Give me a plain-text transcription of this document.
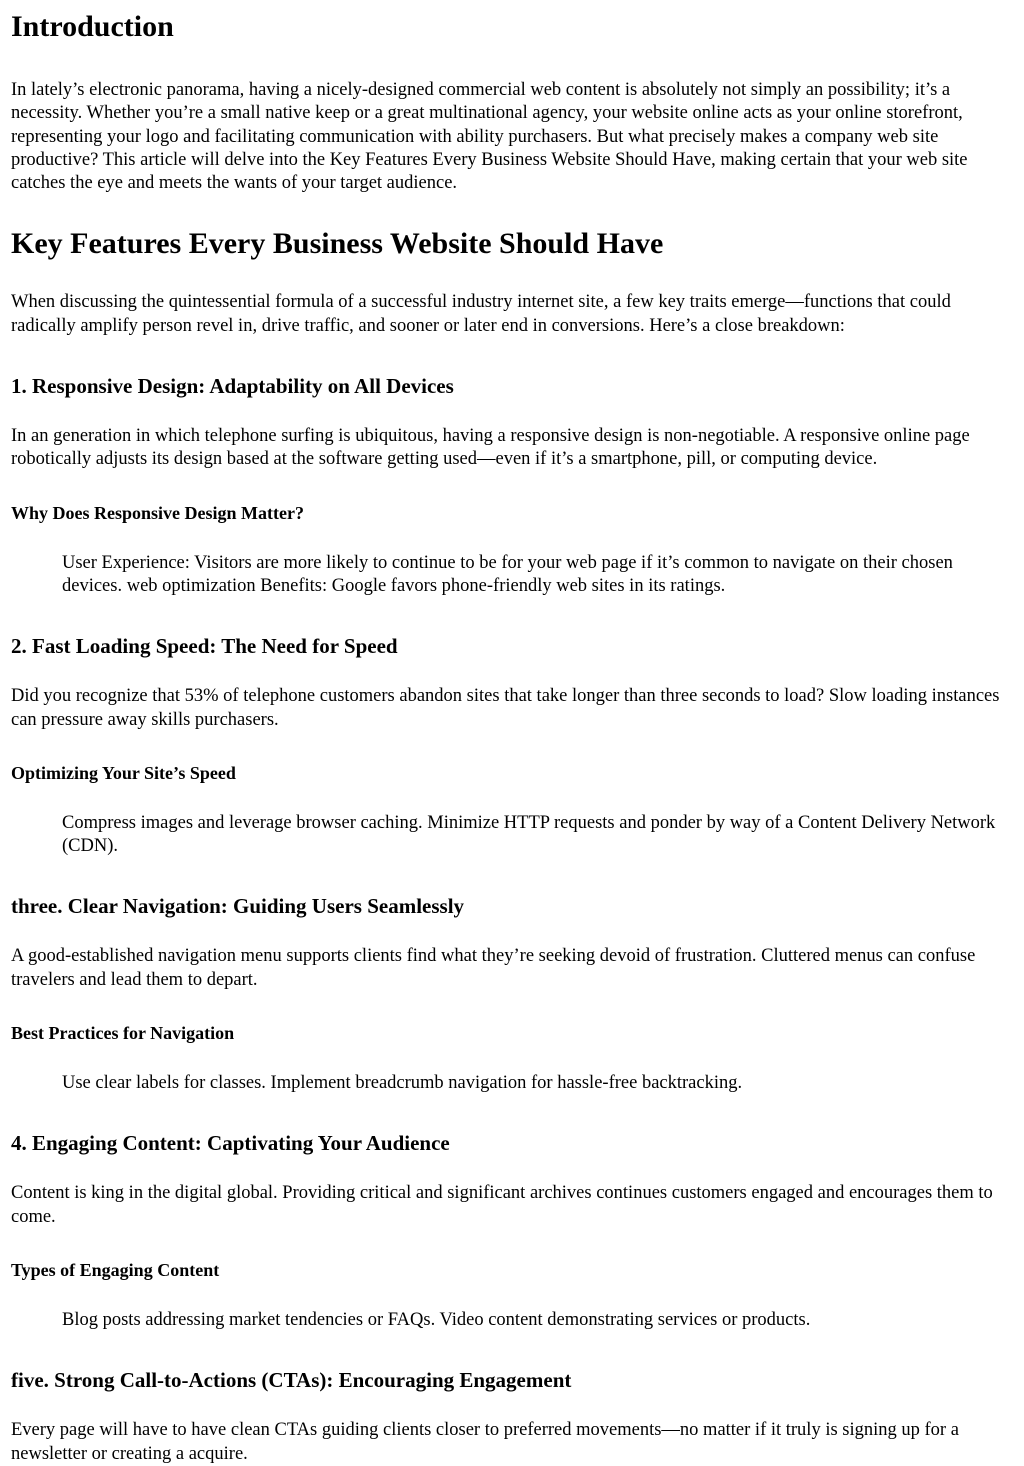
Introduction

In lately’s electronic panorama, having a nicely-designed commercial web content is absolutely not simply an possibility; it’s a necessity. Whether you’re a small native keep or a great multinational agency, your website online acts as your online storefront, representing your logo and facilitating communication with ability purchasers. But what precisely makes a company web site productive? This article will delve into the Key Features Every Business Website Should Have, making certain that your web site catches the eye and meets the wants of your target audience.

Key Features Every Business Website Should Have

When discussing the quintessential formula of a successful industry internet site, a few key traits emerge—functions that could radically amplify person revel in, drive traffic, and sooner or later end in conversions. Here’s a close breakdown:

1. Responsive Design: Adaptability on All Devices

In an generation in which telephone surfing is ubiquitous, having a responsive design is non-negotiable. A responsive online page robotically adjusts its design based at the software getting used—even if it’s a smartphone, pill, or computing device.

Why Does Responsive Design Matter?

User Experience: Visitors are more likely to continue to be for your web page if it’s common to navigate on their chosen devices. web optimization Benefits: Google favors phone-friendly web sites in its ratings.

2. Fast Loading Speed: The Need for Speed

Did you recognize that 53% of telephone customers abandon sites that take longer than three seconds to load? Slow loading instances can pressure away skills purchasers.

Optimizing Your Site’s Speed

Compress images and leverage browser caching. Minimize HTTP requests and ponder by way of a Content Delivery Network (CDN).

three. Clear Navigation: Guiding Users Seamlessly

A good-established navigation menu supports clients find what they’re seeking devoid of frustration. Cluttered menus can confuse travelers and lead them to depart.

Best Practices for Navigation

Use clear labels for classes. Implement breadcrumb navigation for hassle-free backtracking.

4. Engaging Content: Captivating Your Audience

Content is king in the digital global. Providing critical and significant archives continues customers engaged and encourages them to come.

Types of Engaging Content

Blog posts addressing market tendencies or FAQs. Video content demonstrating services or products.

five. Strong Call-to-Actions (CTAs): Encouraging Engagement

Every page will have to have clean CTAs guiding clients closer to preferred movements—no matter if it truly is signing up for a newsletter or creating a acquire.
